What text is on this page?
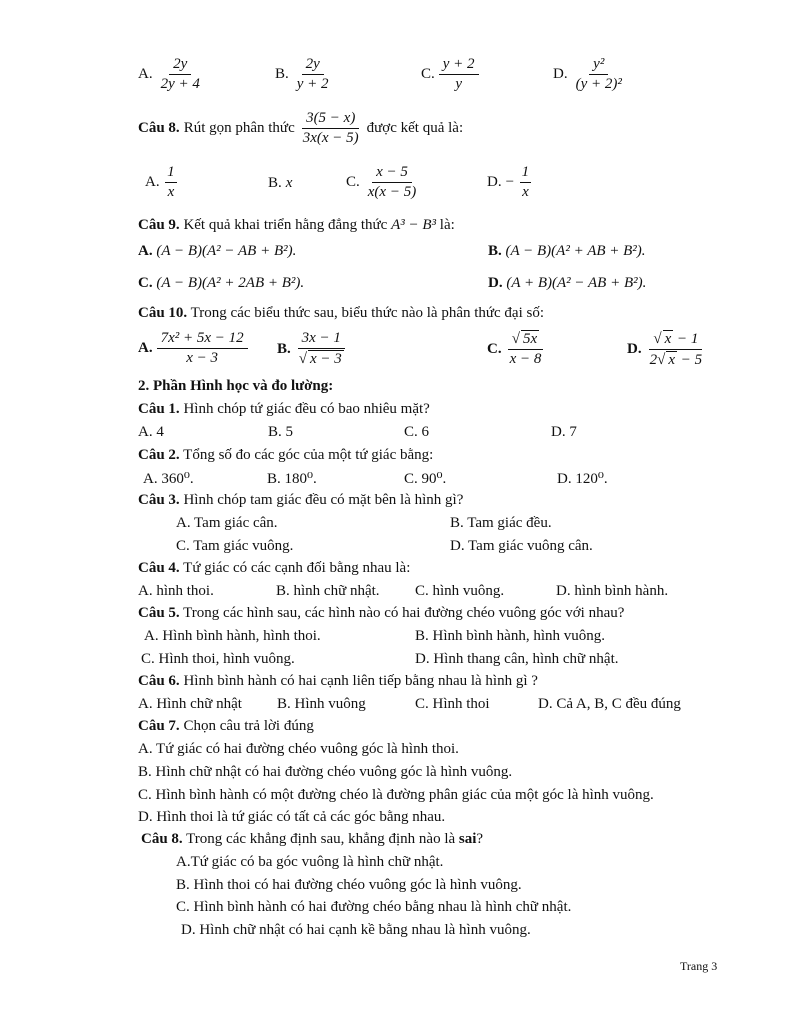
A. $\frac{2y}{2y + 4}$	B. $\frac{2y}{y + 2}$	C. $\frac{y + 2}{y}$	D. $\frac{\text{y²}}{\text{(y + 2)²}}$
Câu 8. Rút gọn phân thức $\frac{3(5 - x)}{3x(x - 5)}$ được kết quả là:
A. $\frac{1}{x}$	B. x	C. $\frac{x - 5}{x(x - 5)}$	D. − $\frac{1}{x}$
Câu 9. Kết quả khai triển hằng đẳng thức A³ − B³ là:
A. (A − B)(A² − AB + B²).	B. (A − B)(A² + AB + B²).
C. (A − B)(A² + 2AB + B²).	D. (A + B)(A² − AB + B²).
Câu 10. Trong các biểu thức sau, biểu thức nào là phân thức đại số:
A. $\frac{\text{7x² + 5x − 12}}{x - 3} B$. $\frac{3x - 1}{√ x - 3}$	C. $\frac{√ 5x}{x - 8}$	D. $\frac{√ x - 1}{2√ x - 5}$
2. Phần Hình học và đo lường:
Câu 1. Hình chóp tứ giác đều có bao nhiêu mặt?
A. 4	B. 5	C. 6	D. 7
Câu 2. Tổng số đo các góc của một tứ giác bằng:
A. 360⁰.	B. 180⁰.	C. 90⁰.	D. 120⁰.
Câu 3. Hình chóp tam giác đều có mặt bên là hình gì?
A. Tam giác cân.	B. Tam giác đều.
C. Tam giác vuông.	D. Tam giác vuông cân.
Câu 4. Tứ giác có các cạnh đối bằng nhau là:
A. hình thoi.	B. hình chữ nhật. C. hình vuông.	D. hình bình hành.
Câu 5. Trong các hình sau, các hình nào có hai đường chéo vuông góc với nhau?
A. Hình bình hành, hình thoi.	B. Hình bình hành, hình vuông.
C. Hình thoi, hình vuông.	D. Hình thang cân, hình chữ nhật.
Câu 6. Hình bình hành có hai cạnh liên tiếp bằng nhau là hình gì ?
A. Hình chữ nhật B. Hình vuông	C. Hình thoi	D. Cả A, B, C đều đúng
Câu 7. Chọn câu trả lời đúng
A. Tứ giác có hai đường chéo vuông góc là hình thoi.
B. Hình chữ nhật có hai đường chéo vuông góc là hình vuông.
C. Hình bình hành có một đường chéo là đường phân giác của một góc là hình vuông.
D. Hình thoi là tứ giác có tất cả các góc bằng nhau.
Câu 8. Trong các khẳng định sau, khẳng định nào là sai?
A.Tứ giác có ba góc vuông là hình chữ nhật.
B. Hình thoi có hai đường chéo vuông góc là hình vuông.
C. Hình bình hành có hai đường chéo bằng nhau là hình chữ nhật.
D. Hình chữ nhật có hai cạnh kề bằng nhau là hình vuông.
Trang 3
